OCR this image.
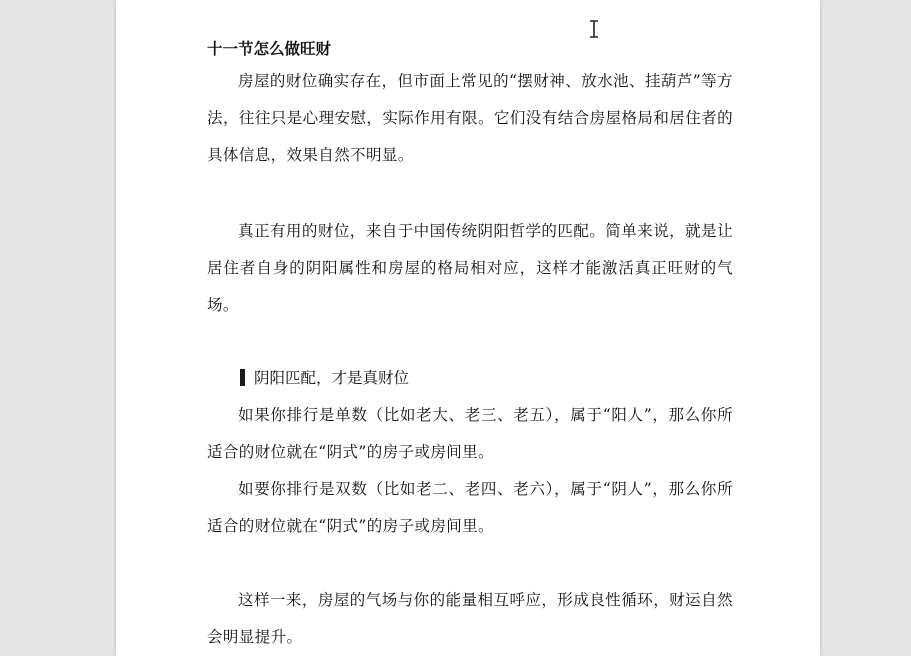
十一节怎么做旺财
房屋的财位确实存在，但市面上常见的“摆财神、放水池、挂葫芦”等方法，往往只是心理安慰，实际作用有限。它们没有结合房屋格局和居住者的具体信息，效果自然不明显。
真正有用的财位，来自于中国传统阴阳哲学的匹配。简单来说，就是让居住者自身的阴阳属性和房屋的格局相对应，这样才能激活真正旺财的气场。
阴阳匹配，才是真财位
如果你排行是单数（比如老大、老三、老五），属于“阳人”，那么你所适合的财位就在“阴式”的房子或房间里。
如要你排行是双数（比如老二、老四、老六），属于“阴人”，那么你所适合的财位就在“阴式”的房子或房间里。
这样一来，房屋的气场与你的能量相互呼应，形成良性循环，财运自然会明显提升。
